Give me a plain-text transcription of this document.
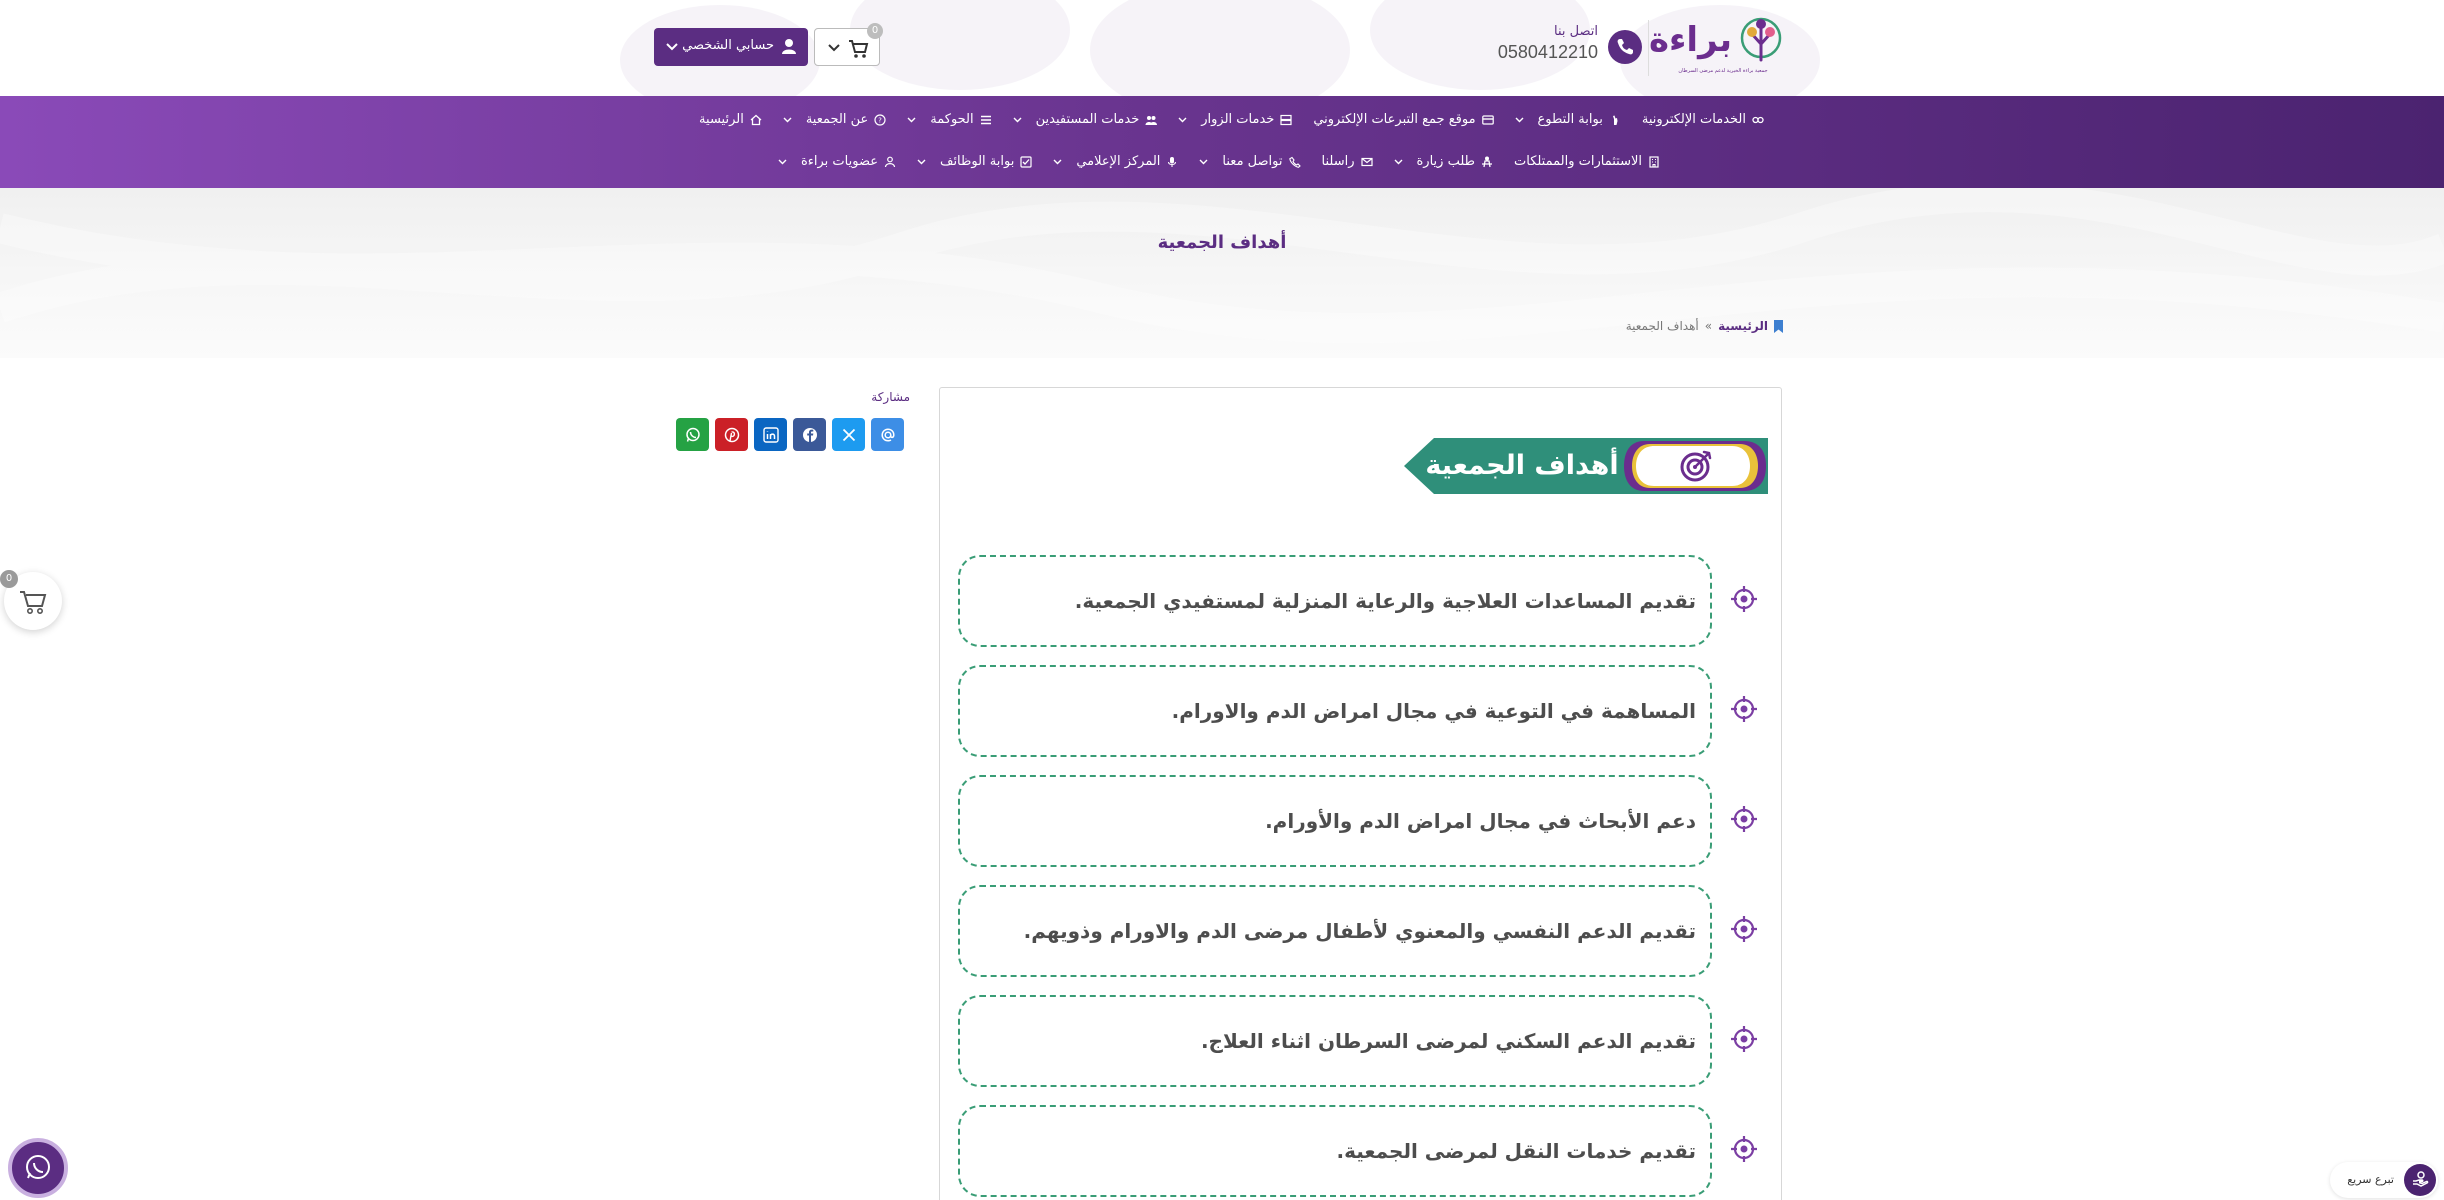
براءة
جمعية براءة الخيرية لدعم مرضى السرطان
اتصل بنا
0580412210
0
حسابي الشخصي
الرئيسية	?
عن الجمعية	الحوكمة	خدمات المستفيدين	خدمات الزوار	موقع جمع التبرعات الإلكتروني	بوابة التطوع	الخدمات الإلكترونية
عضويات براءة	بوابة الوظائف	المركز الإعلامي	تواصل معنا	راسلنا	طلب زيارة	الاستثمارات والممتلكات
أهداف الجمعية
الرئيسية
»
أهداف الجمعية
مشاركة
أهداف الجمعية
تقديم المساعدات العلاجية والرعاية المنزلية لمستفيدي الجمعية.
المساهمة في التوعية في مجال امراض الدم والاورام.
دعم الأبحاث في مجال امراض الدم والأورام.
تقديم الدعم النفسي والمعنوي لأطفال مرضى الدم والاورام وذويهم.
تقديم الدعم السكني لمرضى السرطان اثناء العلاج.
تقديم خدمات النقل لمرضى الجمعية.
0
تبرع سريع
